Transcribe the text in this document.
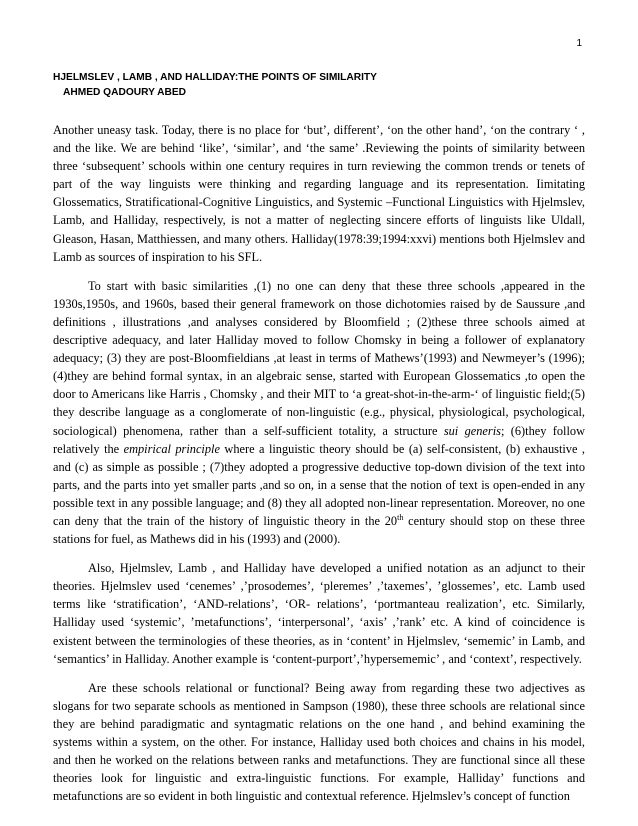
1
HJELMSLEV , LAMB , AND HALLIDAY:THE POINTS OF SIMILARITY
AHMED QADOURY ABED

Another uneasy task. Today, there is no place for ‘but’, different’, ‘on the other hand’, ‘on the contrary ‘ , and the like. We are behind ‘like’, ‘similar’, and ‘the same’ .Reviewing the points of similarity between three ‘subsequent’ schools within one century requires in turn reviewing the common trends or tenets of part of the way linguists were thinking and regarding language and its representation. Iimitating Glossematics, Stratificational-Cognitive Linguistics, and Systemic –Functional Linguistics with Hjelmslev, Lamb, and Halliday, respectively, is not a matter of neglecting sincere efforts of linguists like Uldall, Gleason, Hasan, Matthiessen, and many others. Halliday(1978:39;1994:xxvi) mentions both Hjelmslev and Lamb as sources of inspiration to his SFL.

To start with basic similarities ,(1) no one can deny that these three schools ,appeared in the 1930s,1950s, and 1960s, based their general framework on those dichotomies raised by de Saussure ,and definitions , illustrations ,and analyses considered by Bloomfield ; (2)these three schools aimed at descriptive adequacy, and later Halliday moved to follow Chomsky in being a follower of explanatory adequacy; (3) they are post-Bloomfieldians ,at least in terms of Mathews’(1993) and Newmeyer’s (1996);(4)they are behind formal syntax, in an algebraic sense, started with European Glossematics ,to open the door to Americans like Harris , Chomsky , and their MIT to ‘a great-shot-in-the-arm-‘ of linguistic field;(5) they describe language as a conglomerate of non-linguistic (e.g., physical, physiological, psychological, sociological) phenomena, rather than a self-sufficient totality, a structure sui generis; (6)they follow relatively the empirical principle where a linguistic theory should be (a) self-consistent, (b) exhaustive , and (c) as simple as possible ; (7)they adopted a progressive deductive top-down division of the text into parts, and the parts into yet smaller parts ,and so on, in a sense that the notion of text is open-ended in any possible text in any possible language; and (8) they all adopted non-linear representation. Moreover, no one can deny that the train of the history of linguistic theory in the 20th century should stop on these three stations for fuel, as Mathews did in his (1993) and (2000).

Also, Hjelmslev, Lamb , and Halliday have developed a unified notation as an adjunct to their theories. Hjelmslev used ‘cenemes’ ,’prosodemes’, ‘pleremes’ ,’taxemes’, ’glossemes’, etc. Lamb used terms like ‘stratification’, ‘AND-relations’, ‘OR- relations’, ‘portmanteau realization’, etc. Similarly, Halliday used ‘systemic’, ’metafunctions’, ‘interpersonal’, ‘axis’ ,’rank’ etc. A kind of coincidence is existent between the terminologies of these theories, as in ‘content’ in Hjelmslev, ‘sememic’ in Lamb, and ‘semantics’ in Halliday. Another example is ‘content-purport’,’hypersememic’ , and ‘context’, respectively.

Are these schools relational or functional? Being away from regarding these two adjectives as slogans for two separate schools as mentioned in Sampson (1980), these three schools are relational since they are behind paradigmatic and syntagmatic relations on the one hand , and behind examining the systems within a system, on the other. For instance, Halliday used both choices and chains in his model, and then he worked on the relations between ranks and metafunctions. They are functional since all these theories look for linguistic and extra-linguistic functions. For example, Halliday’ functions and metafunctions are so evident in both linguistic and contextual reference. Hjelmslev’s concept of function
